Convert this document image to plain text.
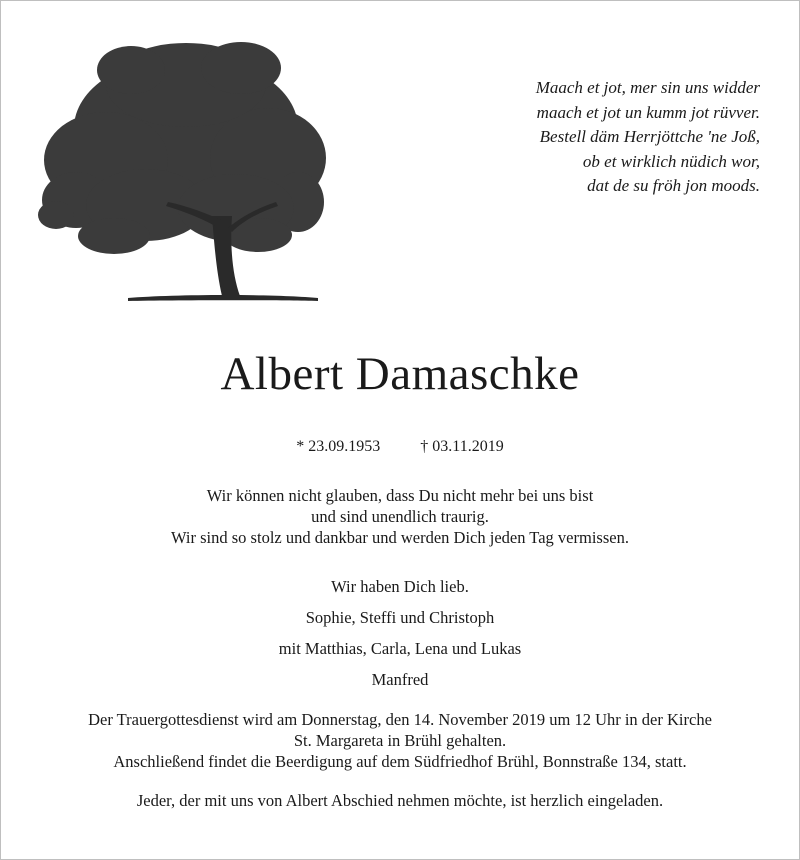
Maach et jot, mer sin uns widder
maach et jot un kumm jot rüvver.
Bestell däm Herrjöttche 'ne Joß,
ob et wirklich nüdich wor,
dat de su fröh jon moods.
Albert Damaschke
* 23.09.1953	† 03.11.2019
Wir können nicht glauben, dass Du nicht mehr bei uns bist
und sind unendlich traurig.
Wir sind so stolz und dankbar und werden Dich jeden Tag vermissen.
Wir haben Dich lieb.
Sophie, Steffi und Christoph
mit Matthias, Carla, Lena und Lukas
Manfred
Der Trauergottesdienst wird am Donnerstag, den 14. November 2019 um 12 Uhr in der Kirche
St. Margareta in Brühl gehalten.
Anschließend findet die Beerdigung auf dem Südfriedhof Brühl, Bonnstraße 134, statt.
Jeder, der mit uns von Albert Abschied nehmen möchte, ist herzlich eingeladen.
